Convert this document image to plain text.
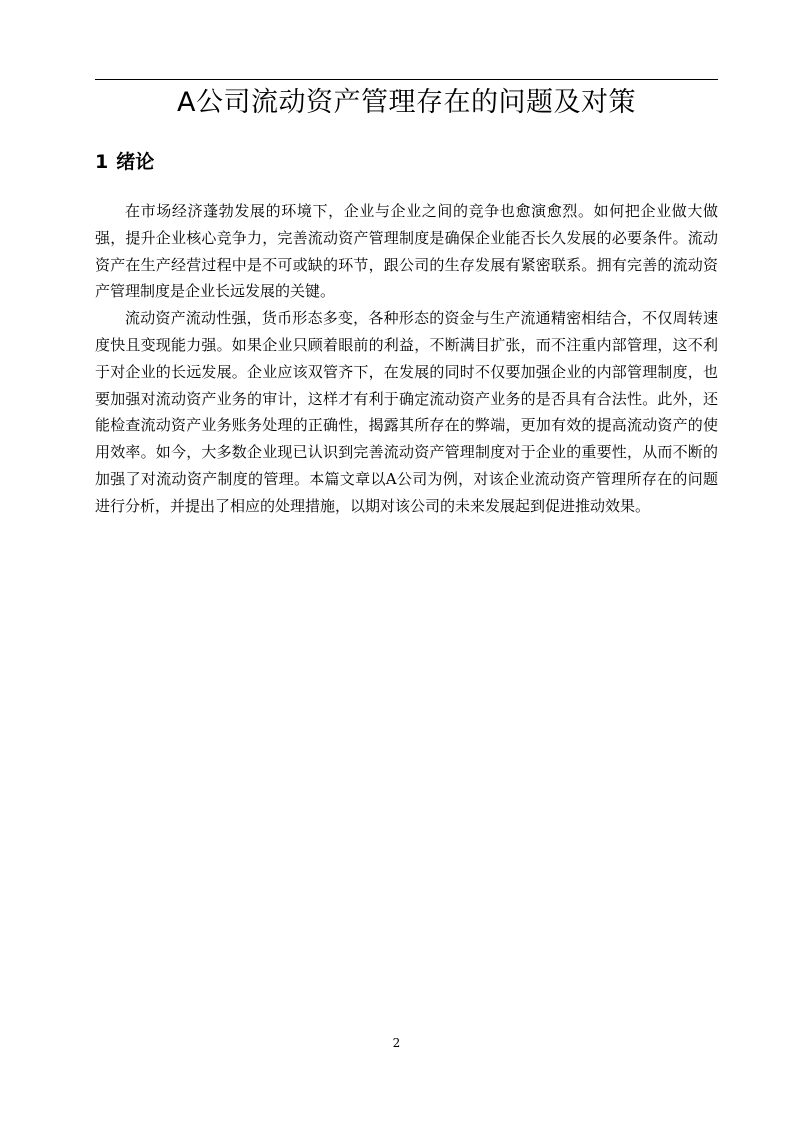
A公司流动资产管理存在的问题及对策
1 绪论

在市场经济蓬勃发展的环境下，企业与企业之间的竞争也愈演愈烈。如何把企业做大做强，提升企业核心竞争力，完善流动资产管理制度是确保企业能否长久发展的必要条件。流动资产在生产经营过程中是不可或缺的环节，跟公司的生存发展有紧密联系。拥有完善的流动资产管理制度是企业长远发展的关键。

流动资产流动性强，货币形态多变，各种形态的资金与生产流通精密相结合，不仅周转速度快且变现能力强。如果企业只顾着眼前的利益，不断满目扩张，而不注重内部管理，这不利于对企业的长远发展。企业应该双管齐下，在发展的同时不仅要加强企业的内部管理制度，也要加强对流动资产业务的审计，这样才有利于确定流动资产业务的是否具有合法性。此外，还能检查流动资产业务账务处理的正确性，揭露其所存在的弊端，更加有效的提高流动资产的使用效率。如今，大多数企业现已认识到完善流动资产管理制度对于企业的重要性，从而不断的加强了对流动资产制度的管理。本篇文章以A公司为例，对该企业流动资产管理所存在的问题进行分析，并提出了相应的处理措施，以期对该公司的未来发展起到促进推动效果。

2
